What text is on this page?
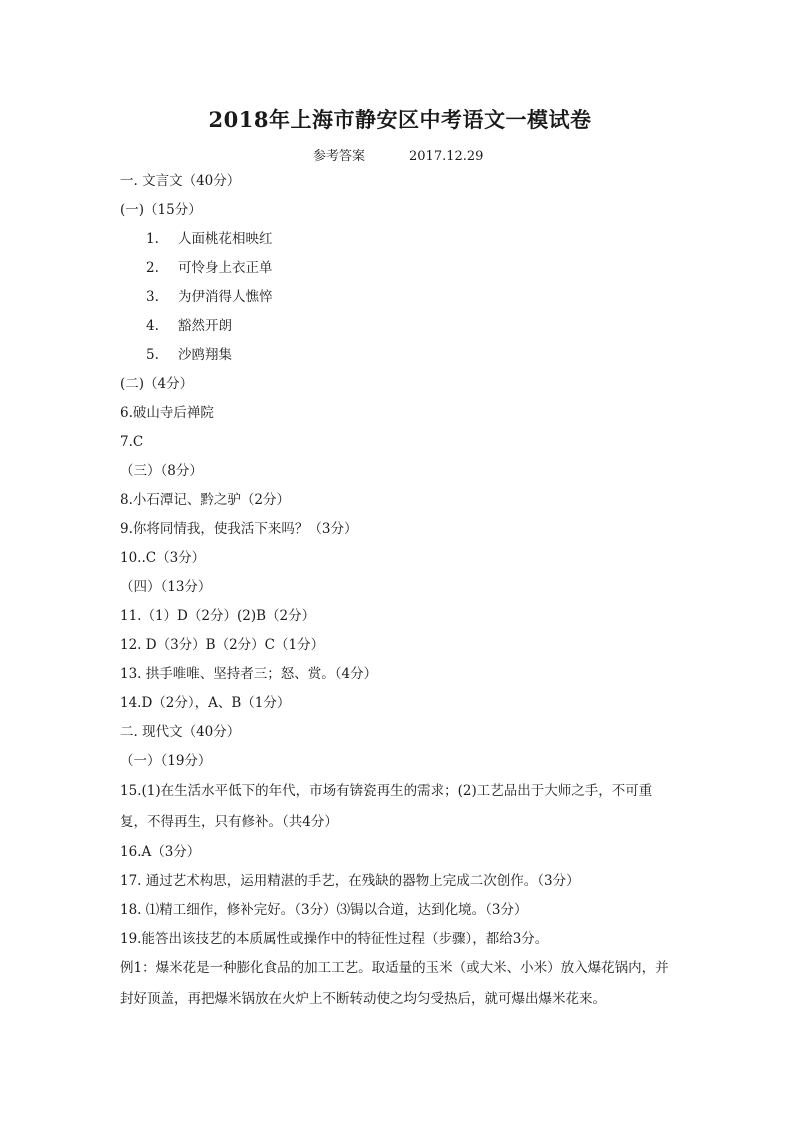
2018年上海市静安区中考语文一模试卷
参考答案	2017.12.29
一. 文言文（40分）
(一)（15分）
1. 人面桃花相映红
2. 可怜身上衣正单
3. 为伊消得人憔悴
4. 豁然开朗
5. 沙鸥翔集
(二)（4分）
6.破山寺后禅院
7.C
（三）（8分）
8.小石潭记、黔之驴（2分）
9.你将同情我，使我活下来吗？（3分）
10..C（3分）
（四）（13分）
11.（1）D（2分）(2)B（2分）
12. D（3分）B（2分）C（1分）
13. 拱手唯唯、坚持者三；怒、赏。（4分）
14.D（2分），A、B（1分）
二. 现代文（40分）
（一）（19分）
15.(1)在生活水平低下的年代，市场有锛瓷再生的需求；(2)工艺品出于大师之手，不可重
复，不得再生，只有修补。（共4分）
16.A（3分）
17. 通过艺术构思，运用精湛的手艺，在残缺的器物上完成二次创作。（3分）
18. ⑴精工细作，修补完好。（3分）⑶锔以合道，达到化境。（3分）
19.能答出该技艺的本质属性或操作中的特征性过程（步骤），都给3分。
例1：爆米花是一种膨化食品的加工工艺。取适量的玉米（或大米、小米）放入爆花锅内，并
封好顶盖，再把爆米锅放在火炉上不断转动使之均匀受热后，就可爆出爆米花来。
